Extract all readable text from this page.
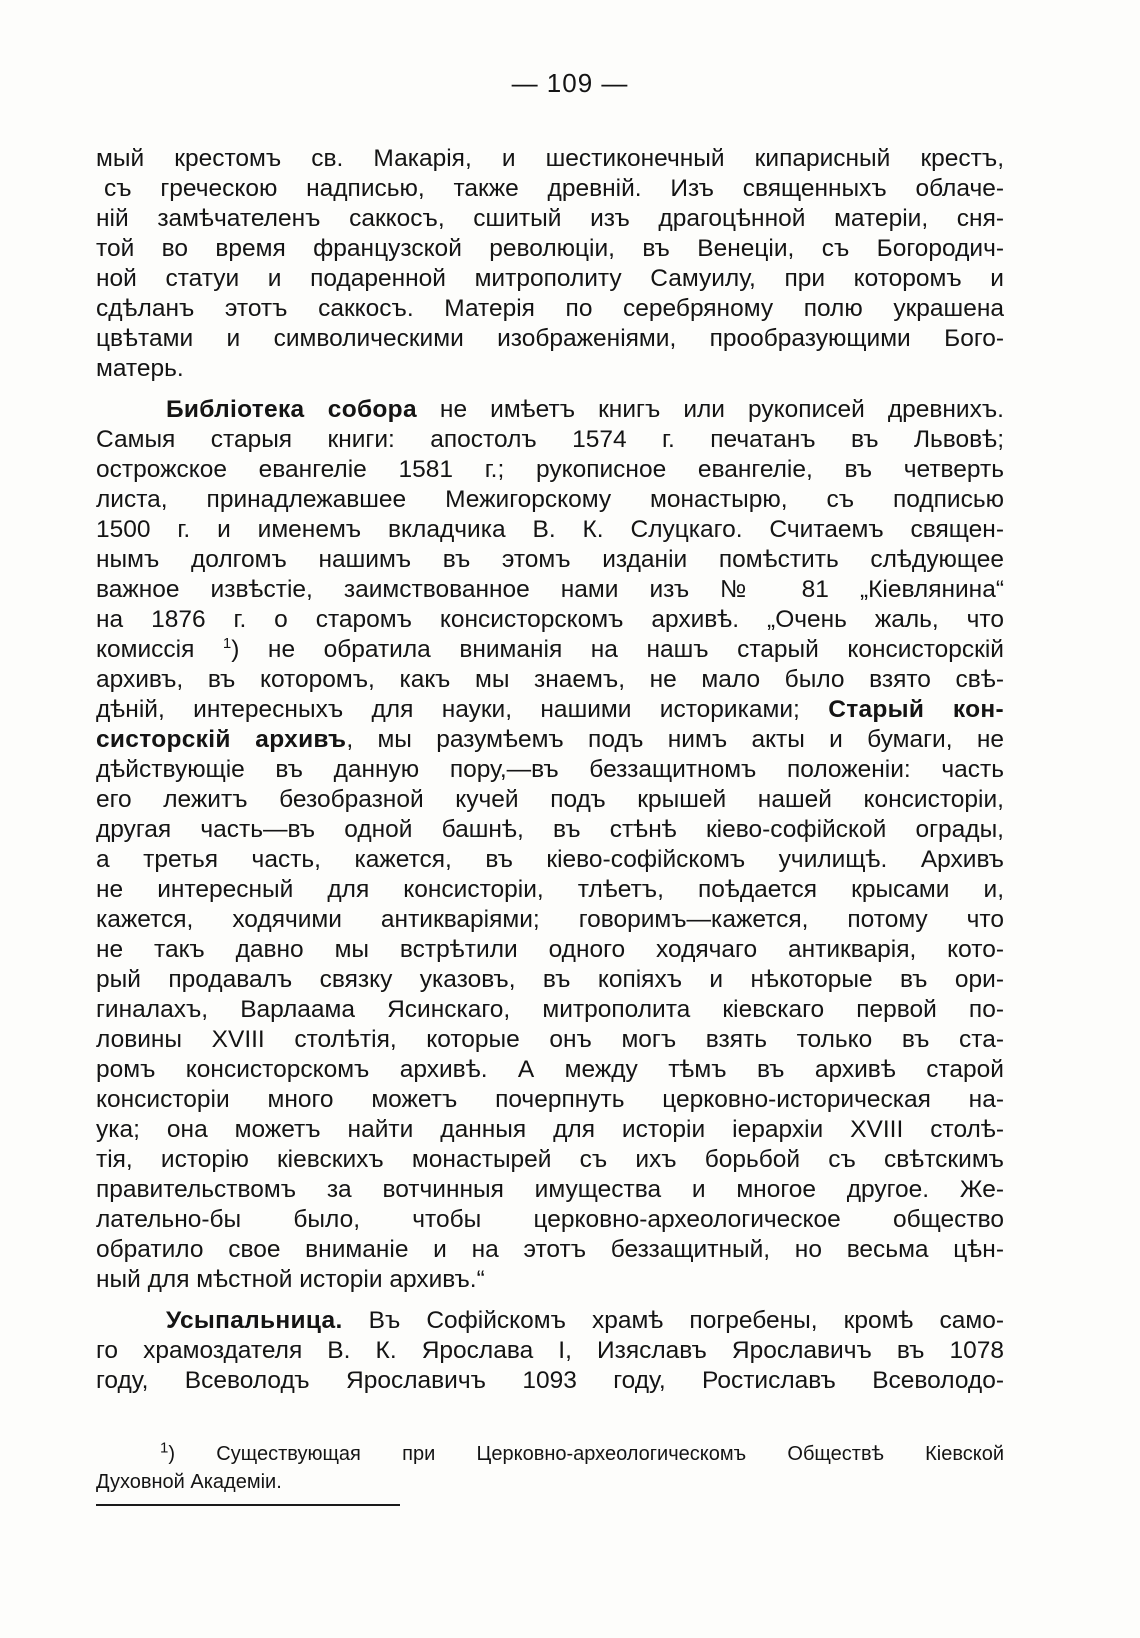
— 109 —
мый крестомъ св. Макарія, и шестиконечный кипарисный крестъ,
съ греческою надписью, также древній. Изъ священныхъ облаче-
ній замѣчателенъ саккосъ, сшитый изъ драгоцѣнной матеріи, сня-
той во время французской революціи, въ Венеціи, съ Богородич-
ной статуи и подаренной митрополиту Самуилу, при которомъ и
сдѣланъ этотъ саккосъ. Матерія по серебряному полю украшена
цвѣтами и символическими изображеніями, прообразующими Бого-
матерь.
Библіотека собора не имѣетъ книгъ или рукописей древнихъ.
Самыя старыя книги: апостолъ 1574 г. печатанъ въ Львовѣ;
острожское евангеліе 1581 г.; рукописное евангеліе, въ четверть
листа, принадлежавшее Межигорскому монастырю, съ подписью
1500 г. и именемъ вкладчика В. К. Слуцкаго. Считаемъ священ-
нымъ долгомъ нашимъ въ этомъ изданіи помѣстить слѣдующее
важное извѣстіе, заимствованное нами изъ № 81 „Кіевлянина“
на 1876 г. о старомъ консисторскомъ архивѣ. „Очень жаль, что
комиссія $^1$) не обратила вниманія на нашъ старый консисторскій
архивъ, въ которомъ, какъ мы знаемъ, не мало было взято свѣ-
дѣній, интересныхъ для науки, нашими историками; Старый кон-
систорскій архивъ, мы разумѣемъ подъ нимъ акты и бумаги, не
дѣйствующіе въ данную пору,—въ беззащитномъ положеніи: часть
его лежитъ безобразной кучей подъ крышей нашей консисторіи,
другая часть—въ одной башнѣ, въ стѣнѣ кіево-софійской ограды,
а третья часть, кажется, въ кіево-софійскомъ училищѣ. Архивъ
не интересный для консисторіи, тлѣетъ, поѣдается крысами и,
кажется, ходячими антикваріями; говоримъ—кажется, потому что
не такъ давно мы встрѣтили одного ходячаго антикварія, кото-
рый продавалъ связку указовъ, въ копіяхъ и нѣкоторые въ ори-
гиналахъ, Варлаама Ясинскаго, митрополита кіевскаго первой по-
ловины XVIII столѣтія, которые онъ могъ взять только въ ста-
ромъ консисторскомъ архивѣ. А между тѣмъ въ архивѣ старой
консисторіи много можетъ почерпнуть церковно-историческая на-
ука; она можетъ найти данныя для исторіи іерархіи XVIII столѣ-
тія, исторію кіевскихъ монастырей съ ихъ борьбой съ свѣтскимъ
правительствомъ за вотчинныя имущества и многое другое. Же-
лательно-бы было, чтобы церковно-археологическое общество
обратило свое вниманіе и на этотъ беззащитный, но весьма цѣн-
ный для мѣстной исторіи архивъ.“
Усыпальница. Въ Софійскомъ храмѣ погребены, кромѣ само-
го храмоздателя В. К. Ярослава I, Изяславъ Ярославичъ въ 1078
году, Всеволодъ Ярославичъ 1093 году, Ростиславъ Всеволодо-
$^1$) Существующая при Церковно-археологическомъ Обществѣ Кіевской
Духовной Академіи.
